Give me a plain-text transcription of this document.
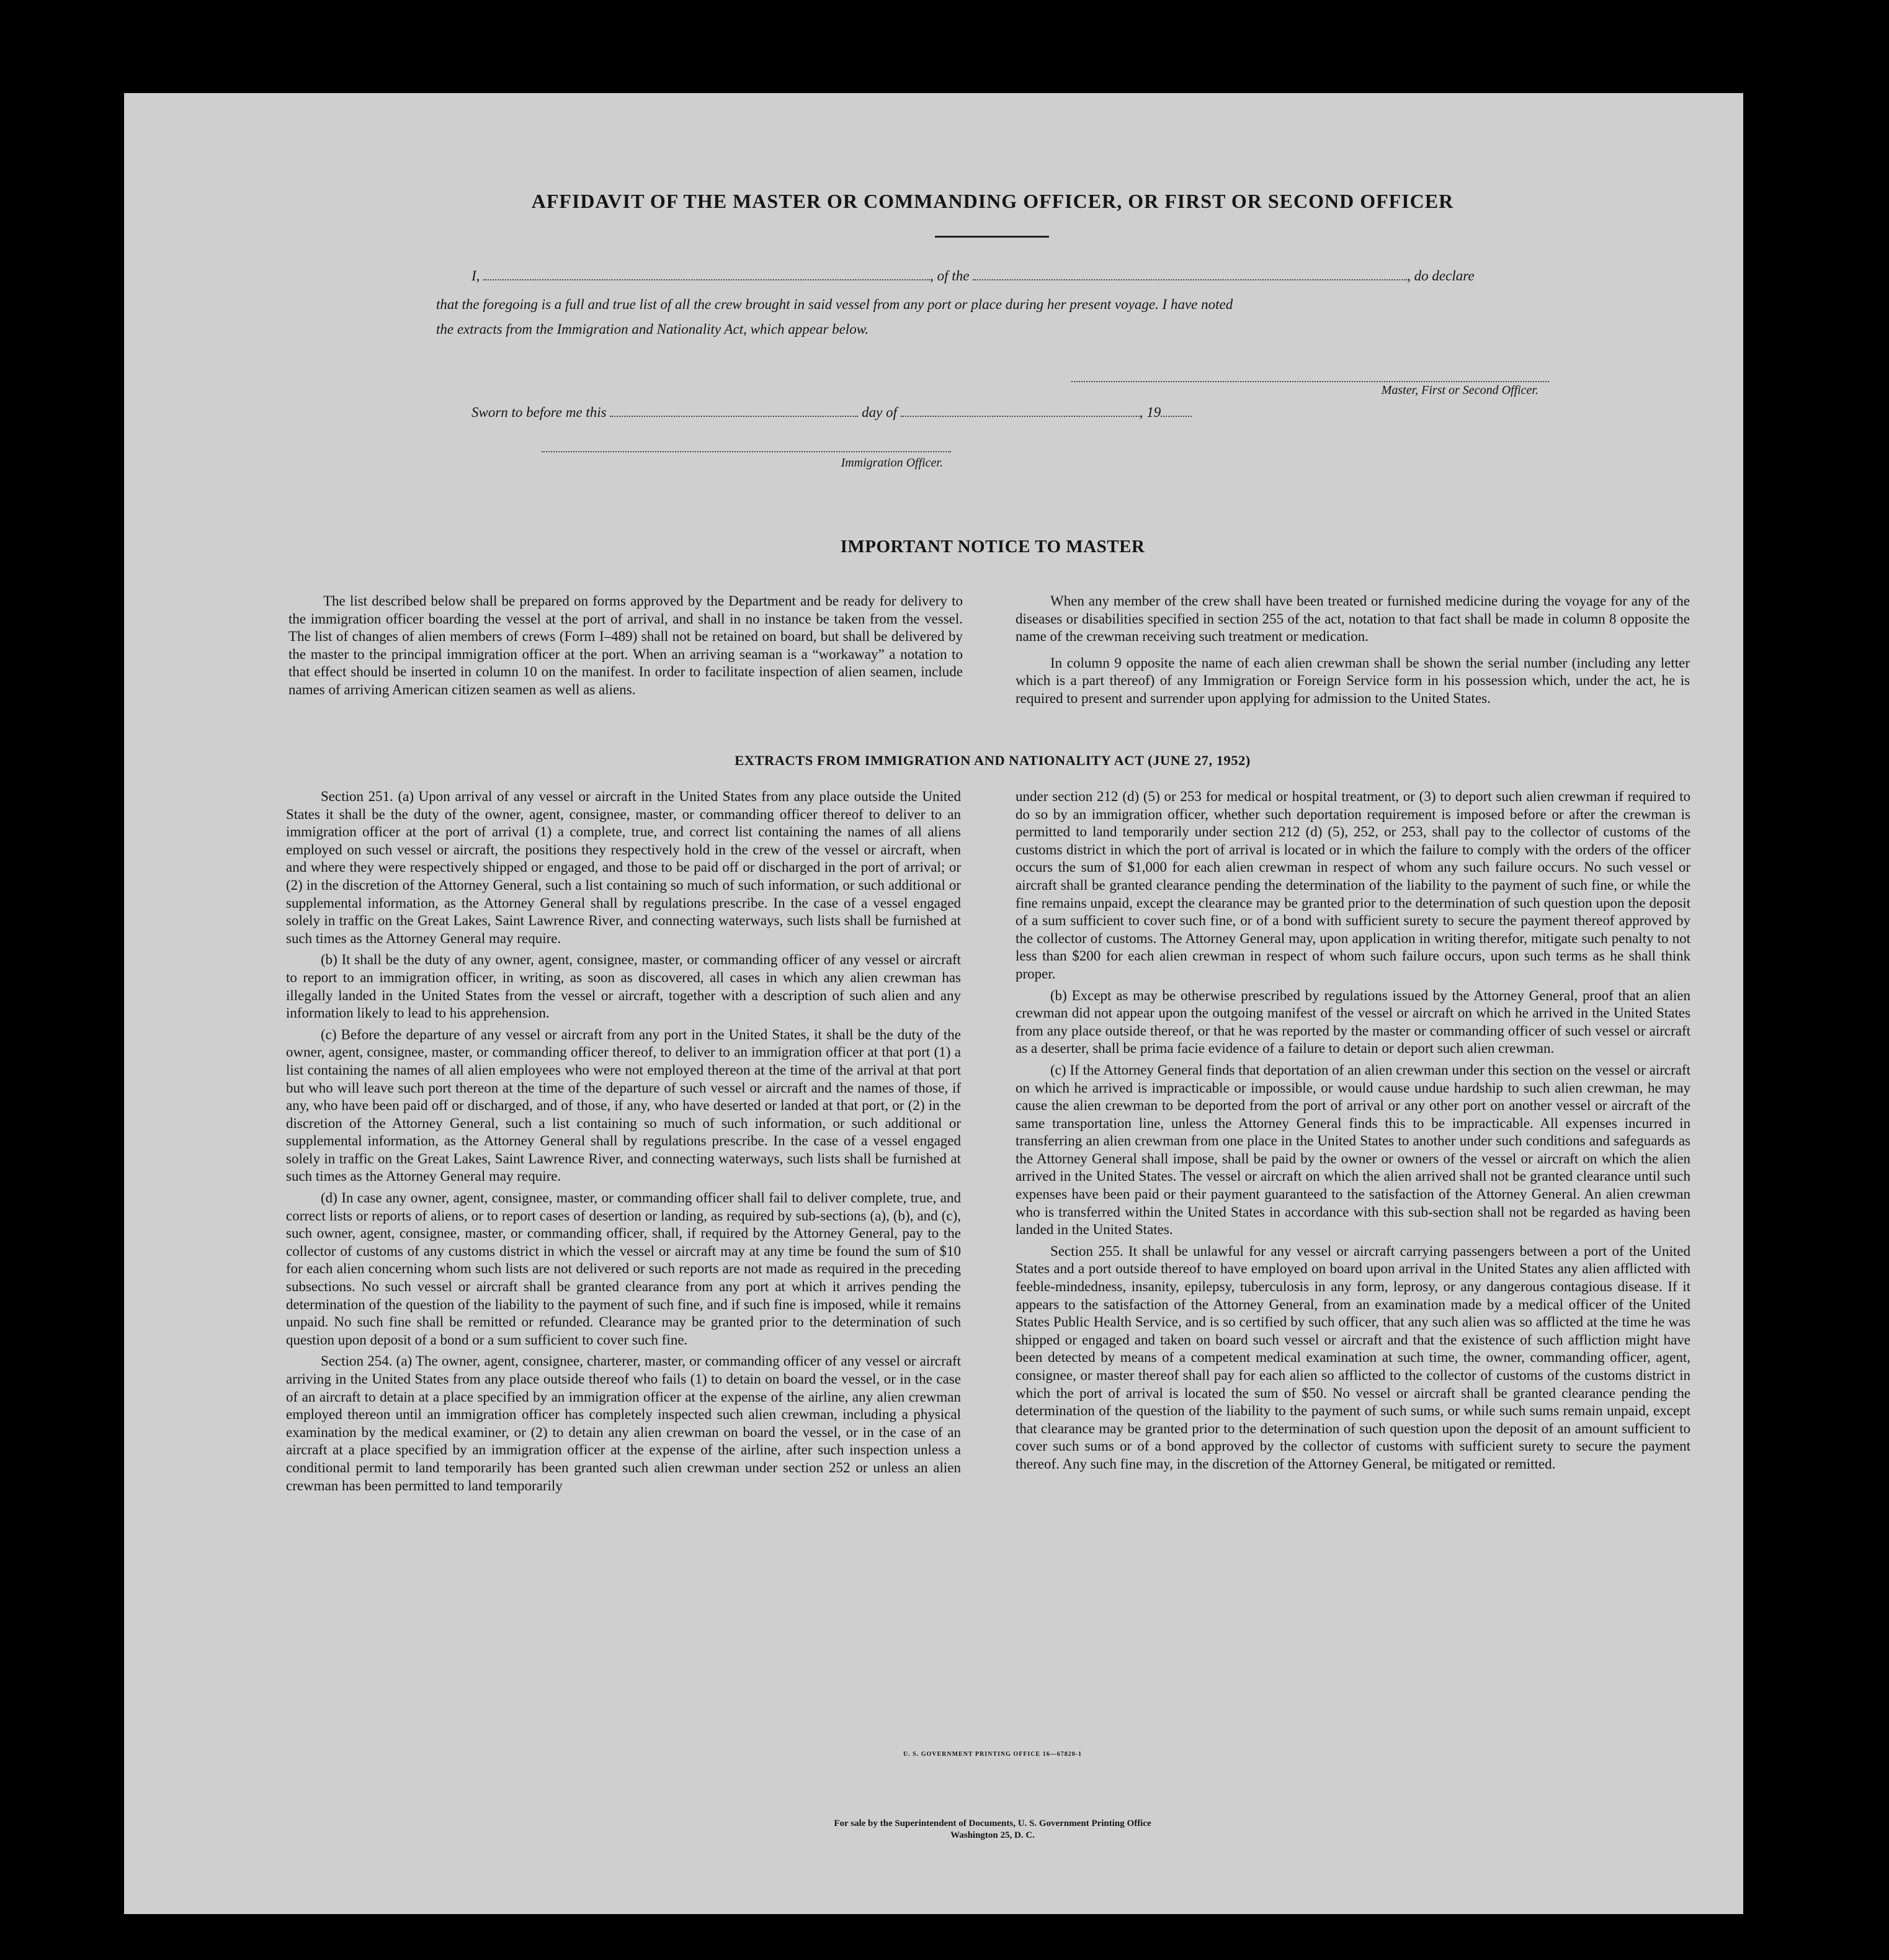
AFFIDAVIT OF THE MASTER OR COMMANDING OFFICER, OR FIRST OR SECOND OFFICER
I,	, of the	, do declare
that the foregoing is a full and true list of all the crew brought in said vessel from any port or place during her present voyage. I have noted
the extracts from the Immigration and Nationality Act, which appear below.
Master, First or Second Officer.
Sworn to before me this	day of	, 19
Immigration Officer.
IMPORTANT NOTICE TO MASTER

The list described below shall be prepared on forms approved by the Department and be ready for delivery to the immigration officer boarding the vessel at the port of arrival, and shall in no instance be taken from the vessel. The list of changes of alien members of crews (Form I–489) shall not be retained on board, but shall be delivered by the master to the principal immigration officer at the port. When an arriving seaman is a “workaway” a notation to that effect should be inserted in column 10 on the manifest. In order to facilitate inspection of alien seamen, include names of arriving American citizen seamen as well as aliens.

When any member of the crew shall have been treated or furnished medicine during the voyage for any of the diseases or disabilities specified in section 255 of the act, notation to that fact shall be made in column 8 opposite the name of the crewman receiving such treatment or medication.

In column 9 opposite the name of each alien crewman shall be shown the serial number (including any letter which is a part thereof) of any Immigration or Foreign Service form in his possession which, under the act, he is required to present and surrender upon applying for admission to the United States.

EXTRACTS FROM IMMIGRATION AND NATIONALITY ACT (JUNE 27, 1952)

Section 251. (a) Upon arrival of any vessel or aircraft in the United States from any place outside the United States it shall be the duty of the owner, agent, consignee, master, or commanding officer thereof to deliver to an immigration officer at the port of arrival (1) a complete, true, and correct list containing the names of all aliens employed on such vessel or aircraft, the positions they respectively hold in the crew of the vessel or aircraft, when and where they were respectively shipped or engaged, and those to be paid off or discharged in the port of arrival; or (2) in the discretion of the Attorney General, such a list containing so much of such information, or such additional or supplemental information, as the Attorney General shall by regulations prescribe. In the case of a vessel engaged solely in traffic on the Great Lakes, Saint Lawrence River, and connecting waterways, such lists shall be furnished at such times as the Attorney General may require.

(b) It shall be the duty of any owner, agent, consignee, master, or commanding officer of any vessel or aircraft to report to an immigration officer, in writing, as soon as discovered, all cases in which any alien crewman has illegally landed in the United States from the vessel or aircraft, together with a description of such alien and any information likely to lead to his apprehension.

(c) Before the departure of any vessel or aircraft from any port in the United States, it shall be the duty of the owner, agent, consignee, master, or commanding officer thereof, to deliver to an immigration officer at that port (1) a list containing the names of all alien employees who were not employed thereon at the time of the arrival at that port but who will leave such port thereon at the time of the departure of such vessel or aircraft and the names of those, if any, who have been paid off or discharged, and of those, if any, who have deserted or landed at that port, or (2) in the discretion of the Attorney General, such a list containing so much of such information, or such additional or supplemental information, as the Attorney General shall by regulations prescribe. In the case of a vessel engaged solely in traffic on the Great Lakes, Saint Lawrence River, and connecting waterways, such lists shall be furnished at such times as the Attorney General may require.

(d) In case any owner, agent, consignee, master, or commanding officer shall fail to deliver complete, true, and correct lists or reports of aliens, or to report cases of desertion or landing, as required by sub-sections (a), (b), and (c), such owner, agent, consignee, master, or commanding officer, shall, if required by the Attorney General, pay to the collector of customs of any customs district in which the vessel or aircraft may at any time be found the sum of $10 for each alien concerning whom such lists are not delivered or such reports are not made as required in the preceding subsections. No such vessel or aircraft shall be granted clearance from any port at which it arrives pending the determination of the question of the liability to the payment of such fine, and if such fine is imposed, while it remains unpaid. No such fine shall be remitted or refunded. Clearance may be granted prior to the determination of such question upon deposit of a bond or a sum sufficient to cover such fine.

Section 254. (a) The owner, agent, consignee, charterer, master, or commanding officer of any vessel or aircraft arriving in the United States from any place outside thereof who fails (1) to detain on board the vessel, or in the case of an aircraft to detain at a place specified by an immigration officer at the expense of the airline, any alien crewman employed thereon until an immigration officer has completely inspected such alien crewman, including a physical examination by the medical examiner, or (2) to detain any alien crewman on board the vessel, or in the case of an aircraft at a place specified by an immigration officer at the expense of the airline, after such inspection unless a conditional permit to land temporarily has been granted such alien crewman under section 252 or unless an alien crewman has been permitted to land temporarily

under section 212 (d) (5) or 253 for medical or hospital treatment, or (3) to deport such alien crewman if required to do so by an immigration officer, whether such deportation requirement is imposed before or after the crewman is permitted to land temporarily under section 212 (d) (5), 252, or 253, shall pay to the collector of customs of the customs district in which the port of arrival is located or in which the failure to comply with the orders of the officer occurs the sum of $1,000 for each alien crewman in respect of whom any such failure occurs. No such vessel or aircraft shall be granted clearance pending the determination of the liability to the payment of such fine, or while the fine remains unpaid, except the clearance may be granted prior to the determination of such question upon the deposit of a sum sufficient to cover such fine, or of a bond with sufficient surety to secure the payment thereof approved by the collector of customs. The Attorney General may, upon application in writing therefor, mitigate such penalty to not less than $200 for each alien crewman in respect of whom such failure occurs, upon such terms as he shall think proper.

(b) Except as may be otherwise prescribed by regulations issued by the Attorney General, proof that an alien crewman did not appear upon the outgoing manifest of the vessel or aircraft on which he arrived in the United States from any place outside thereof, or that he was reported by the master or commanding officer of such vessel or aircraft as a deserter, shall be prima facie evidence of a failure to detain or deport such alien crewman.

(c) If the Attorney General finds that deportation of an alien crewman under this section on the vessel or aircraft on which he arrived is impracticable or impossible, or would cause undue hardship to such alien crewman, he may cause the alien crewman to be deported from the port of arrival or any other port on another vessel or aircraft of the same transportation line, unless the Attorney General finds this to be impracticable. All expenses incurred in transferring an alien crewman from one place in the United States to another under such conditions and safeguards as the Attorney General shall impose, shall be paid by the owner or owners of the vessel or aircraft on which the alien arrived in the United States. The vessel or aircraft on which the alien arrived shall not be granted clearance until such expenses have been paid or their payment guaranteed to the satisfaction of the Attorney General. An alien crewman who is transferred within the United States in accordance with this sub-section shall not be regarded as having been landed in the United States.

Section 255. It shall be unlawful for any vessel or aircraft carrying passengers between a port of the United States and a port outside thereof to have employed on board upon arrival in the United States any alien afflicted with feeble-mindedness, insanity, epilepsy, tuberculosis in any form, leprosy, or any dangerous contagious disease. If it appears to the satisfaction of the Attorney General, from an examination made by a medical officer of the United States Public Health Service, and is so certified by such officer, that any such alien was so afflicted at the time he was shipped or engaged and taken on board such vessel or aircraft and that the existence of such affliction might have been detected by means of a competent medical examination at such time, the owner, commanding officer, agent, consignee, or master thereof shall pay for each alien so afflicted to the collector of customs of the customs district in which the port of arrival is located the sum of $50. No vessel or aircraft shall be granted clearance pending the determination of the question of the liability to the payment of such sums, or while such sums remain unpaid, except that clearance may be granted prior to the determination of such question upon the deposit of an amount sufficient to cover such sums or of a bond approved by the collector of customs with sufficient surety to secure the payment thereof. Any such fine may, in the discretion of the Attorney General, be mitigated or remitted.

U. S. GOVERNMENT PRINTING OFFICE 16—67820-1
For sale by the Superintendent of Documents, U. S. Government Printing Office
Washington 25, D. C.
